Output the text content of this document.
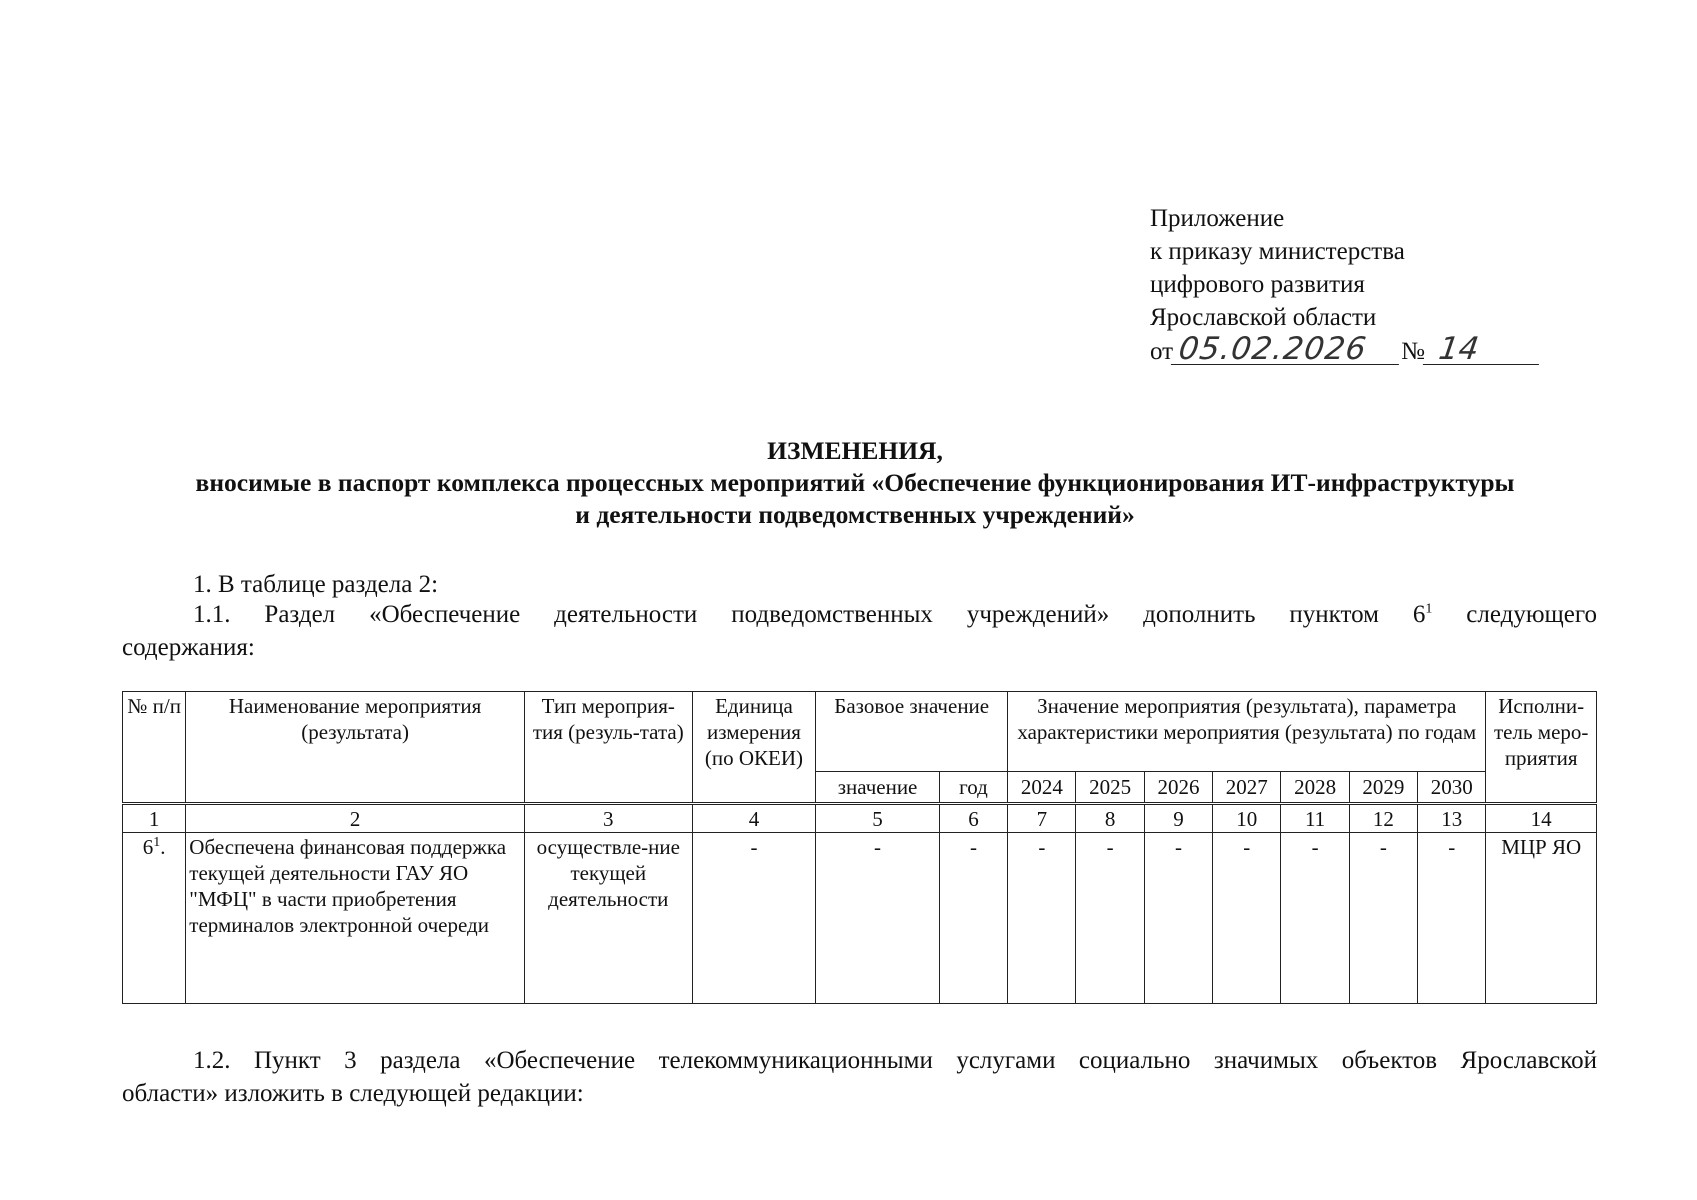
Приложение
к приказу министерства
цифрового развития
Ярославской области
от 05.02.2026 № 14
ИЗМЕНЕНИЯ,
вносимые в паспорт комплекса процессных мероприятий «Обеспечение функционирования ИТ-инфраструктуры
и деятельности подведомственных учреждений»
1. В таблице раздела 2:
1.1. Раздел «Обеспечение деятельности подведомственных учреждений» дополнить пунктом $6^1$ следующего
содержания:
№ п/п	Наименование мероприятия (результата)	Тип мероприя-тия (резуль-тата)	Единица измерения (по ОКЕИ)	Базовое значение		Значение мероприятия (результата), параметра характеристики мероприятия (результата) по годам							Исполни-тель меро-приятия
				значение	год	2024	2025	2026	2027	2028	2029	2030	
1	2	3	4	5	6	7	8	9	10	11	12	13	14
$6^1$.	Обеспечена финансовая поддержка текущей деятельности ГАУ ЯО "МФЦ" в части приобретения терминалов электронной очереди	осуществле-ние текущей деятельности	-	-	-	-	-	-	-	-	-	-	МЦР ЯО
1.2. Пункт 3 раздела «Обеспечение телекоммуникационными услугами социально значимых объектов Ярославской
области» изложить в следующей редакции:
